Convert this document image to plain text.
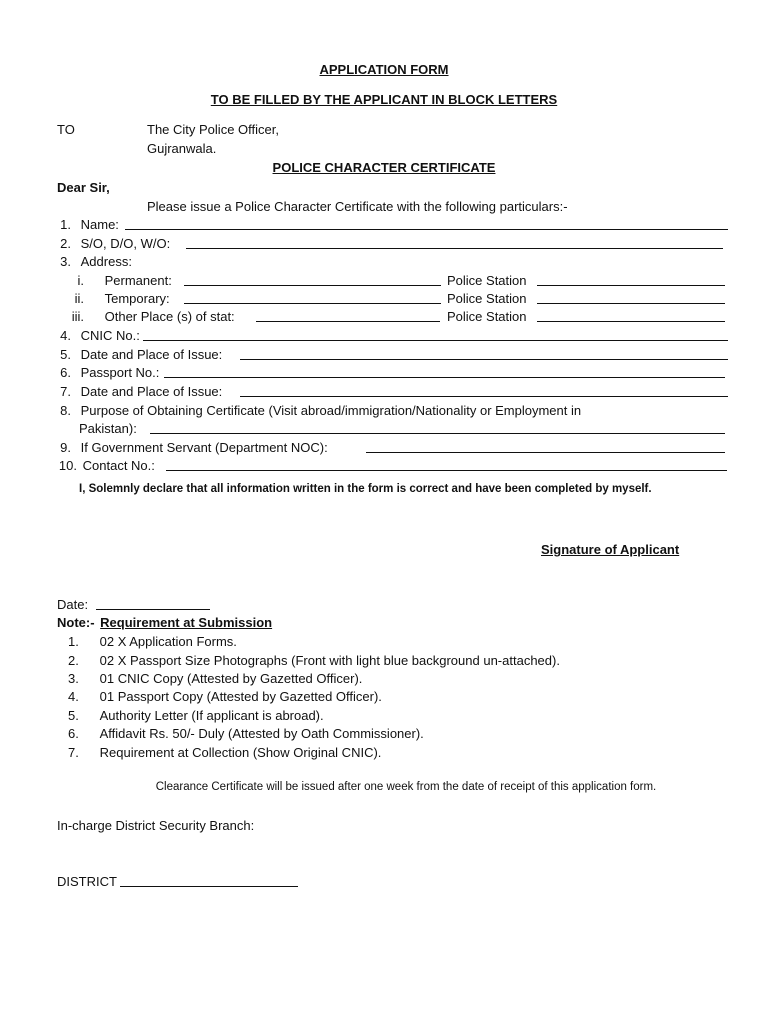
APPLICATION FORM
TO BE FILLED BY THE APPLICANT IN BLOCK LETTERS
TO	The City Police Officer,
Gujranwala.
POLICE CHARACTER CERTIFICATE
Dear Sir,
Please issue a Police Character Certificate with the following particulars:-
1. Name:
2. S/O, D/O, W/O:
3. Address:
i. Permanent:	Police Station
ii. Temporary:	Police Station
iii. Other Place (s) of stat:	Police Station
4. CNIC No.:
5. Date and Place of Issue:
6. Passport No.:
7. Date and Place of Issue:
8. Purpose of Obtaining Certificate (Visit abroad/immigration/Nationality or Employment in
Pakistan):
9. If Government Servant (Department NOC):
10. Contact No.:
I, Solemnly declare that all information written in the form is correct and have been completed by myself.
Signature of Applicant
Date:
Note:- Requirement at Submission
1. 02 X Application Forms.
2. 02 X Passport Size Photographs (Front with light blue background un-attached).
3. 01 CNIC Copy (Attested by Gazetted Officer).
4. 01 Passport Copy (Attested by Gazetted Officer).
5. Authority Letter (If applicant is abroad).
6. Affidavit Rs. 50/- Duly (Attested by Oath Commissioner).
7. Requirement at Collection (Show Original CNIC).
Clearance Certificate will be issued after one week from the date of receipt of this application form.
In-charge District Security Branch:
DISTRICT
